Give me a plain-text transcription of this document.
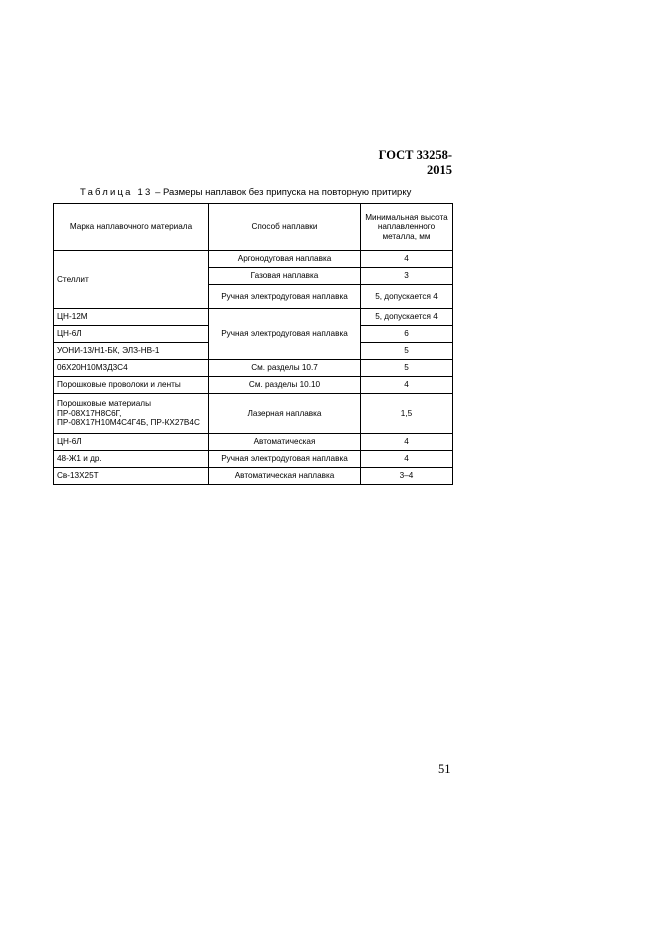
ГОСТ 33258-2015
Таблица 13 – Размеры наплавок без припуска на повторную притирку
Марка наплавочного материала	Способ наплавки	Минимальная высота наплавленного металла, мм
Стеллит	Аргонодуговая наплавка	4
	Газовая наплавка	3
	Ручная электродуговая наплавка	5, допускается 4
ЦН-12М	Ручная электродуговая наплавка	5, допускается 4
ЦН-6Л		6
УОНИ-13/Н1-БК, ЭЛЗ-НВ-1		5
06Х20Н10М3Д3С4	См. разделы 10.7	5
Порошковые проволоки и ленты	См. разделы 10.10	4
Порошковые материалы ПР-08Х17Н8С6Г, ПР-08Х17Н10М4С4Г4Б, ПР-КХ27В4С	Лазерная наплавка	1,5
ЦН-6Л	Автоматическая	4
48-Ж1 и др.	Ручная электродуговая наплавка	4
Св-13Х25Т	Автоматическая наплавка	3–4
51
